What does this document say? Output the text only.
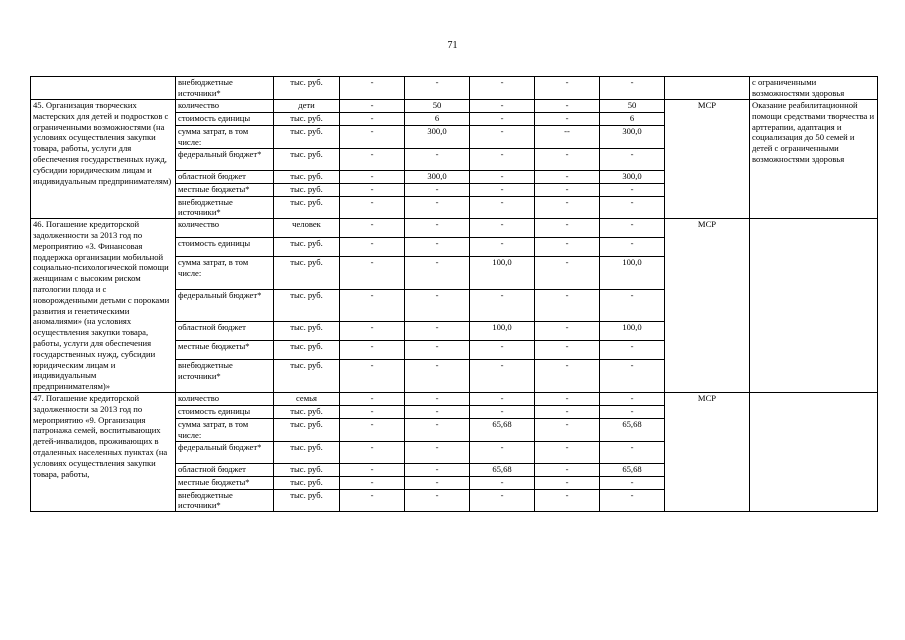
71
	внебюджетные источники*	тыс. руб.	-	-	-	-	-		с ограниченными возможностями здоровья
45. Организация творческих мастерских для детей и подростков с ограниченными возможностями (на условиях осуществления закупки товара, работы, услуги для обеспечения государственных нужд, субсидии юридическим лицам и индивидуальным предпринимателям)	количество	дети	-	50	-	-	50	МСР	Оказание реабилитационной помощи средствами творчества и арттерапии, адаптация и социализация до 50 семей и детей с ограниченными возможностями здоровья
	стоимость единицы	тыс. руб.	-	6	-	-	6		
	сумма затрат, в том числе:	тыс. руб.	-	300,0	-	--	300,0		
	федеральный бюджет*	тыс. руб.	-	-	-	-	-		
	областной бюджет	тыс. руб.	-	300,0	-	-	300,0		
	местные бюджеты*	тыс. руб.	-	-	-	-	-		
	внебюджетные источники*	тыс. руб.	-	-	-	-	-		
46. Погашение кредиторской задолженности за 2013 год по мероприятию «3. Финансовая поддержка организации мобильной социально-психологической помощи женщинам с высоким риском патологии плода и с новорожденными детьми с пороками развития и генетическими аномалиями» (на условиях осуществления закупки товара, работы, услуги для обеспечения государственных нужд, субсидии юридическим лицам и индивидуальным предпринимателям)»	количество	человек	-	-	-	-	-	МСР	
	стоимость единицы	тыс. руб.	-	-	-	-	-		
	сумма затрат, в том числе:	тыс. руб.	-	-	100,0	-	100,0		
	федеральный бюджет*	тыс. руб.	-	-	-	-	-		
	областной бюджет	тыс. руб.	-	-	100,0	-	100,0		
	местные бюджеты*	тыс. руб.	-	-	-	-	-		
	внебюджетные источники*	тыс. руб.	-	-	-	-	-		
47. Погашение кредиторской задолженности за 2013 год по мероприятию «9. Организация патронажа семей, воспитывающих детей-инвалидов, проживающих в отдаленных населенных пунктах (на условиях осуществления закупки товара, работы,	количество	семья	-	-	-	-	-	МСР	
	стоимость единицы	тыс. руб.	-	-	-	-	-		
	сумма затрат, в том числе:	тыс. руб.	-	-	65,68	-	65,68		
	федеральный бюджет*	тыс. руб.	-	-	-	-	-		
	областной бюджет	тыс. руб.	-	-	65,68	-	65,68		
	местные бюджеты*	тыс. руб.	-	-	-	-	-		
	внебюджетные источники*	тыс. руб.	-	-	-	-	-		
